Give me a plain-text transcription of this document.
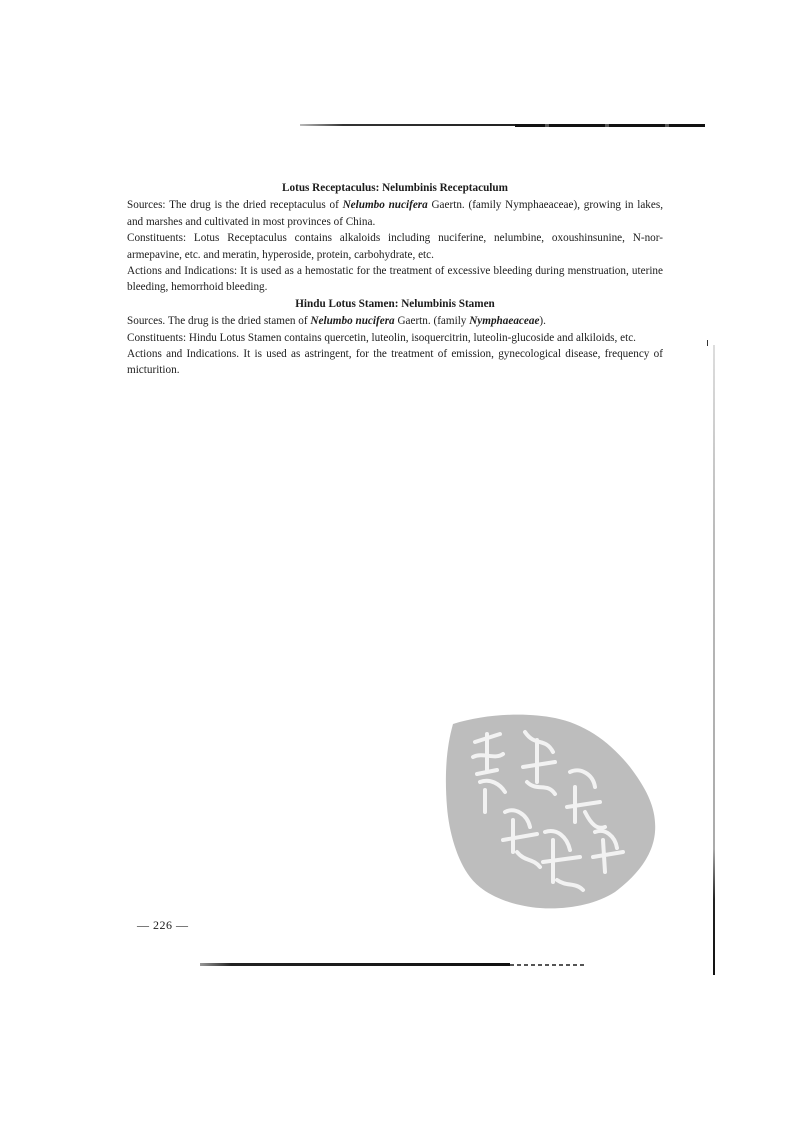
Lotus Receptaculus: Nelumbinis Receptaculum

Sources: The drug is the dried receptaculus of Nelumbo nucifera Gaertn. (family Nymphaeaceae), growing in lakes, and marshes and cultivated in most provinces of China.

Constituents: Lotus Receptaculus contains alkaloids including nuciferine, nelumbine, oxoushinsunine, N-nor-armepavine, etc. and meratin, hyperoside, protein, carbohydrate, etc.

Actions and Indications: It is used as a hemostatic for the treatment of excessive bleeding during menstruation, uterine bleeding, hemorrhoid bleeding.

Hindu Lotus Stamen: Nelumbinis Stamen

Sources. The drug is the dried stamen of Nelumbo nucifera Gaertn. (family Nymphaeaceae).

Constituents: Hindu Lotus Stamen contains quercetin, luteolin, isoquercitrin, luteolin-glucoside and alkiloids, etc.

Actions and Indications. It is used as astringent, for the treatment of emission, gynecological disease, frequency of micturition.

— 226 —
